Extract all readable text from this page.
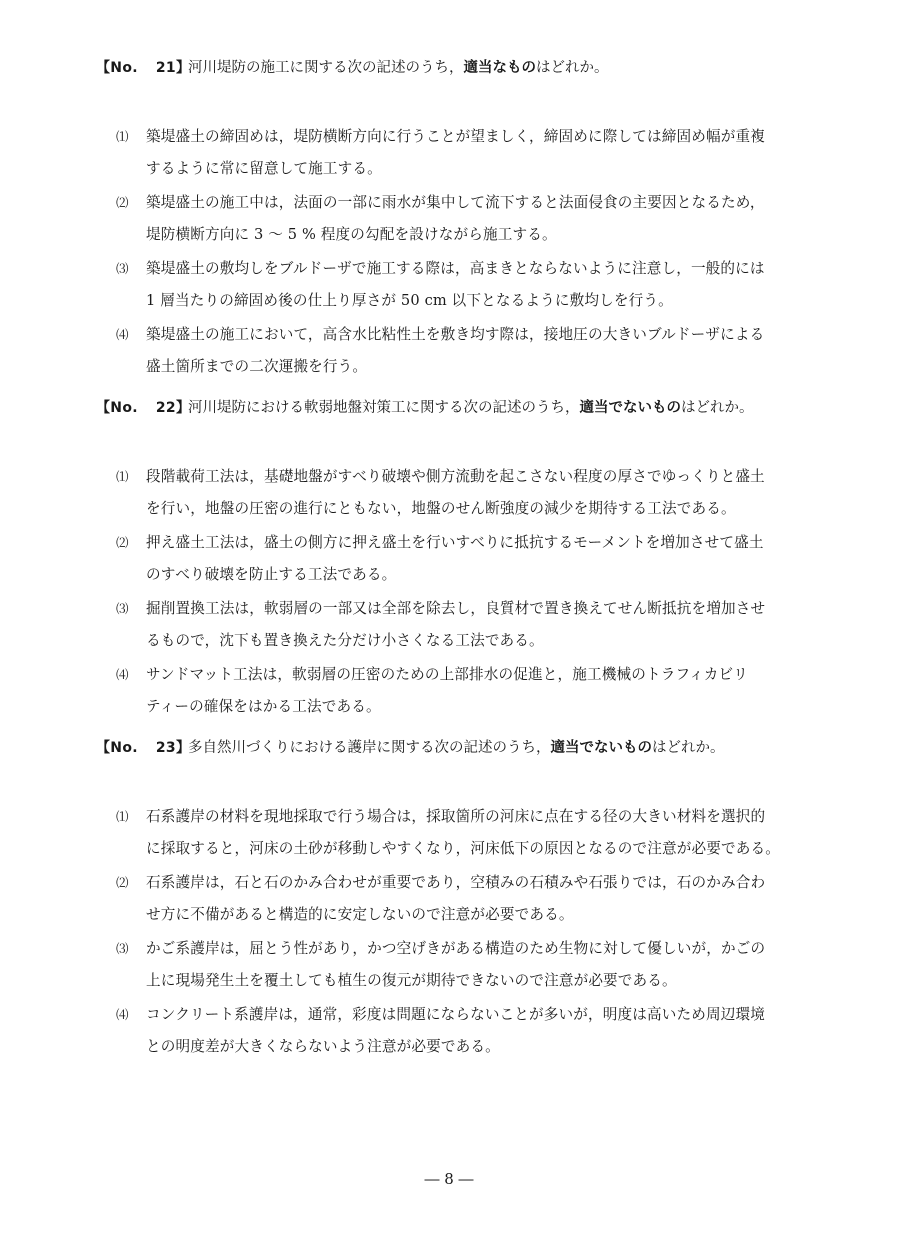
【No. 21】
河川堤防の施工に関する次の記述のうち， 適当なもの はどれか。
⑴	築堤盛土の締固めは，堤防横断方向に行うことが望ましく，締固めに際しては締固め幅が重複
するように常に留意して施工する。
⑵	築堤盛土の施工中は，法面の一部に雨水が集中して流下すると法面侵食の主要因となるため，
堤防横断方向に 3 ～ 5 % 程度の勾配を設けながら施工する。
⑶	築堤盛土の敷均しをブルドーザで施工する際は，高まきとならないように注意し，一般的には
1 層当たりの締固め後の仕上り厚さが 50 cm 以下となるように敷均しを行う。
⑷	築堤盛土の施工において，高含水比粘性土を敷き均す際は，接地圧の大きいブルドーザによる
盛土箇所までの二次運搬を行う。
【No. 22】
河川堤防における軟弱地盤対策工に関する次の記述のうち， 適当でないもの はどれか。
⑴	段階載荷工法は，基礎地盤がすべり破壊や側方流動を起こさない程度の厚さでゆっくりと盛土
を行い，地盤の圧密の進行にともない，地盤のせん断強度の減少を期待する工法である。
⑵	押え盛土工法は，盛土の側方に押え盛土を行いすべりに抵抗するモーメントを増加させて盛土
のすべり破壊を防止する工法である。
⑶	掘削置換工法は，軟弱層の一部又は全部を除去し，良質材で置き換えてせん断抵抗を増加させ
るもので，沈下も置き換えた分だけ小さくなる工法である。
⑷	サンドマット工法は，軟弱層の圧密のための上部排水の促進と，施工機械のトラフィカビリ
ティーの確保をはかる工法である。
【No. 23】
多自然川づくりにおける護岸に関する次の記述のうち， 適当でないもの はどれか。
⑴	石系護岸の材料を現地採取で行う場合は，採取箇所の河床に点在する径の大きい材料を選択的
に採取すると，河床の土砂が移動しやすくなり，河床低下の原因となるので注意が必要である。
⑵	石系護岸は，石と石のかみ合わせが重要であり，空積みの石積みや石張りでは，石のかみ合わ
せ方に不備があると構造的に安定しないので注意が必要である。
⑶	かご系護岸は，屈とう性があり，かつ空げきがある構造のため生物に対して優しいが，かごの
上に現場発生土を覆土しても植生の復元が期待できないので注意が必要である。
⑷	コンクリート系護岸は，通常，彩度は問題にならないことが多いが，明度は高いため周辺環境
との明度差が大きくならないよう注意が必要である。
― 8 ―
